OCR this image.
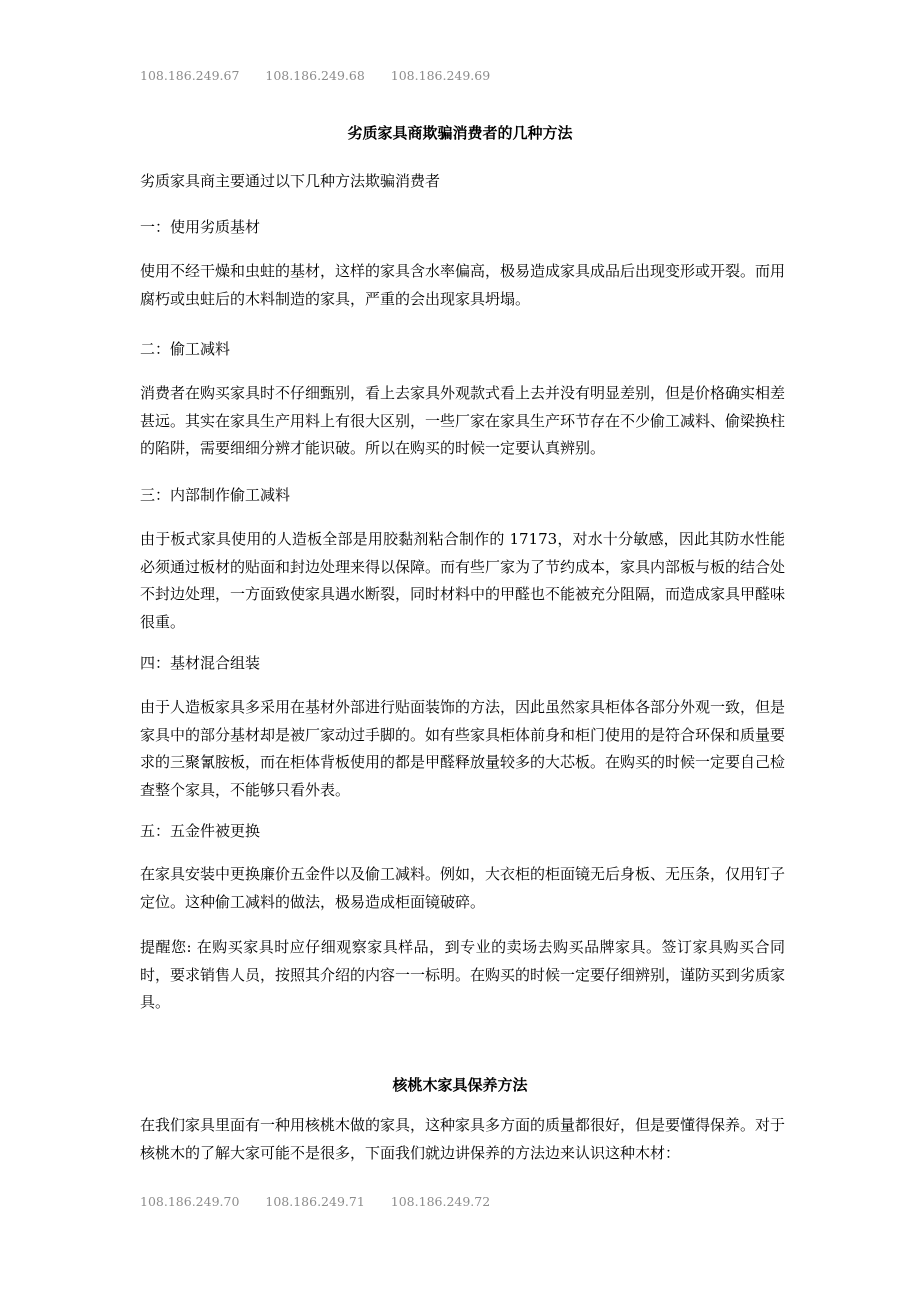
108.186.249.67 108.186.249.68 108.186.249.69
劣质家具商欺骗消费者的几种方法
劣质家具商主要通过以下几种方法欺骗消费者
一：使用劣质基材
使用不经干燥和虫蛀的基材，这样的家具含水率偏高，极易造成家具成品后出现变形或开裂。而用腐朽或虫蛀后的木料制造的家具，严重的会出现家具坍塌。
二：偷工减料
消费者在购买家具时不仔细甄别，看上去家具外观款式看上去并没有明显差别，但是价格确实相差甚远。其实在家具生产用料上有很大区别，一些厂家在家具生产环节存在不少偷工减料、偷梁换柱的陷阱，需要细细分辨才能识破。所以在购买的时候一定要认真辨别。
三：内部制作偷工减料
由于板式家具使用的人造板全部是用胶黏剂粘合制作的 17173，对水十分敏感，因此其防水性能必须通过板材的贴面和封边处理来得以保障。而有些厂家为了节约成本，家具内部板与板的结合处不封边处理，一方面致使家具遇水断裂，同时材料中的甲醛也不能被充分阻隔，而造成家具甲醛味很重。
四：基材混合组装
由于人造板家具多采用在基材外部进行贴面装饰的方法，因此虽然家具柜体各部分外观一致，但是家具中的部分基材却是被厂家动过手脚的。如有些家具柜体前身和柜门使用的是符合环保和质量要求的三聚氰胺板，而在柜体背板使用的都是甲醛释放量较多的大芯板。在购买的时候一定要自己检查整个家具，不能够只看外表。
五：五金件被更换
在家具安装中更换廉价五金件以及偷工减料。例如，大衣柜的柜面镜无后身板、无压条，仅用钉子定位。这种偷工减料的做法，极易造成柜面镜破碎。
提醒您: 在购买家具时应仔细观察家具样品，到专业的卖场去购买品牌家具。签订家具购买合同时，要求销售人员，按照其介绍的内容一一标明。在购买的时候一定要仔细辨别，谨防买到劣质家具。
核桃木家具保养方法
在我们家具里面有一种用核桃木做的家具，这种家具多方面的质量都很好，但是要懂得保养。对于核桃木的了解大家可能不是很多，下面我们就边讲保养的方法边来认识这种木材：
108.186.249.70 108.186.249.71 108.186.249.72
